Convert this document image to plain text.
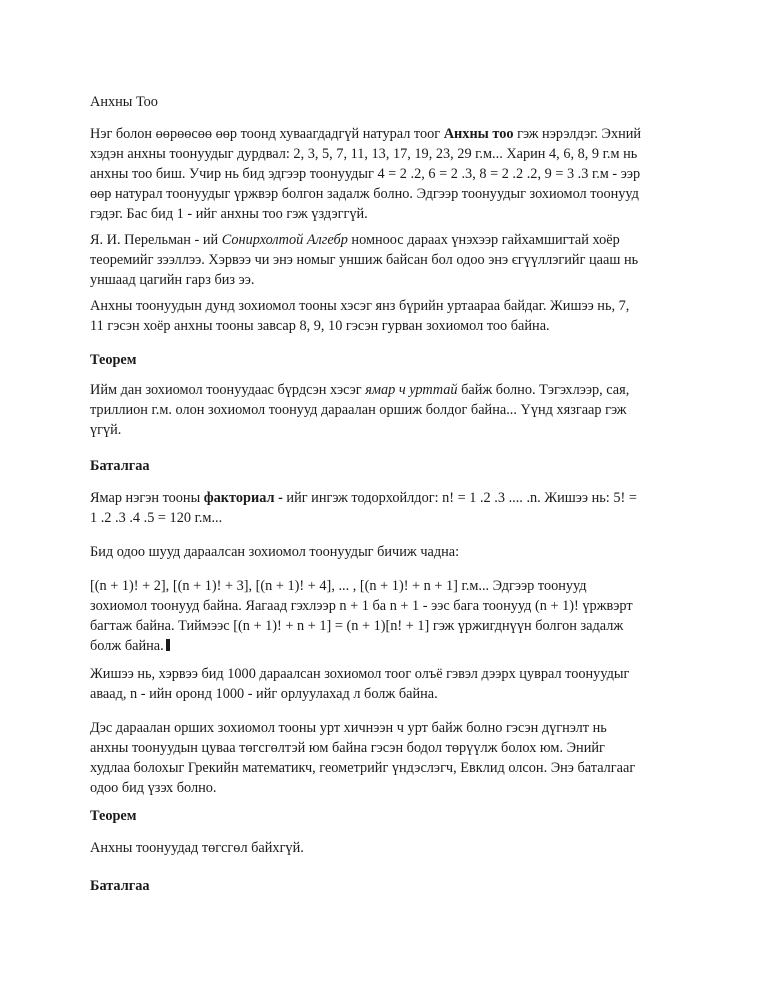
Анхны Тоо
Нэг болон өөрөөсөө өөр тоонд хуваагдадгүй натурал тоог Анхны тоо гэж нэрэлдэг. Эхний
хэдэн анхны тоонуудыг дурдвал: 2, 3, 5, 7, 11, 13, 17, 19, 23, 29 г.м... Харин 4, 6, 8, 9 г.м нь
анхны тоо биш. Учир нь бид эдгээр тоонуудыг 4 = 2 .2, 6 = 2 .3, 8 = 2 .2 .2, 9 = 3 .3 г.м - ээр
өөр натурал тоонуудыг үржвэр болгон задалж болно. Эдгээр тоонуудыг зохиомол тоонууд
гэдэг. Бас бид 1 - ийг анхны тоо гэж үздэггүй.
Я. И. Перельман - ий Сонирхолтой Алгебр номноос дараах үнэхээр гайхамшигтай хоёр
теоремийг зээллээ. Хэрвээ чи энэ номыг уншиж байсан бол одоо энэ єгүүллэгийг цааш нь
уншаад цагийн гарз биз ээ.
Анхны тоонуудын дунд зохиомол тооны хэсэг янз бүрийн уртаараа байдаг. Жишээ нь, 7,
11 гэсэн хоёр анхны тооны завсар 8, 9, 10 гэсэн гурван зохиомол тоо байна.
Теорем
Ийм дан зохиомол тоонуудаас бүрдсэн хэсэг ямар ч урттай байж болно. Тэгэхлээр, сая,
триллион г.м. олон зохиомол тоонууд дараалан оршиж болдог байна... Үүнд хязгаар гэж
үгүй.
Баталгаа
Ямар нэгэн тооны факториал - ийг ингэж тодорхойлдог: n! = 1 .2 .3 .... .n. Жишээ нь: 5! =
1 .2 .3 .4 .5 = 120 г.м...
Бид одоо шууд дараалсан зохиомол тоонуудыг бичиж чадна:
[(n + 1)! + 2], [(n + 1)! + 3], [(n + 1)! + 4], ... , [(n + 1)! + n + 1] г.м... Эдгээр тоонууд
зохиомол тоонууд байна. Яагаад гэхлээр n + 1 ба n + 1 - ээс бага тоонууд (n + 1)! үржвэрт
багтаж байна. Тиймээс [(n + 1)! + n + 1] = (n + 1)[n! + 1] гэж үржигднүүн болгон задалж
болж байна.
Жишээ нь, хэрвээ бид 1000 дараалсан зохиомол тоог олъё гэвэл дээрх цуврал тоонуудыг
аваад, n - ийн оронд 1000 - ийг орлуулахад л болж байна.
Дэс дараалан орших зохиомол тооны урт хичнээн ч урт байж болно гэсэн дүгнэлт нь
анхны тоонуудын цуваа төгсгөлтэй юм байна гэсэн бодол төрүүлж болох юм. Энийг
худлаа болохыг Грекийн математикч, геометрийг үндэслэгч, Евклид олсон. Энэ баталгааг
одоо бид үзэх болно.
Теорем
Анхны тоонуудад төгсгөл байхгүй.
Баталгаа
